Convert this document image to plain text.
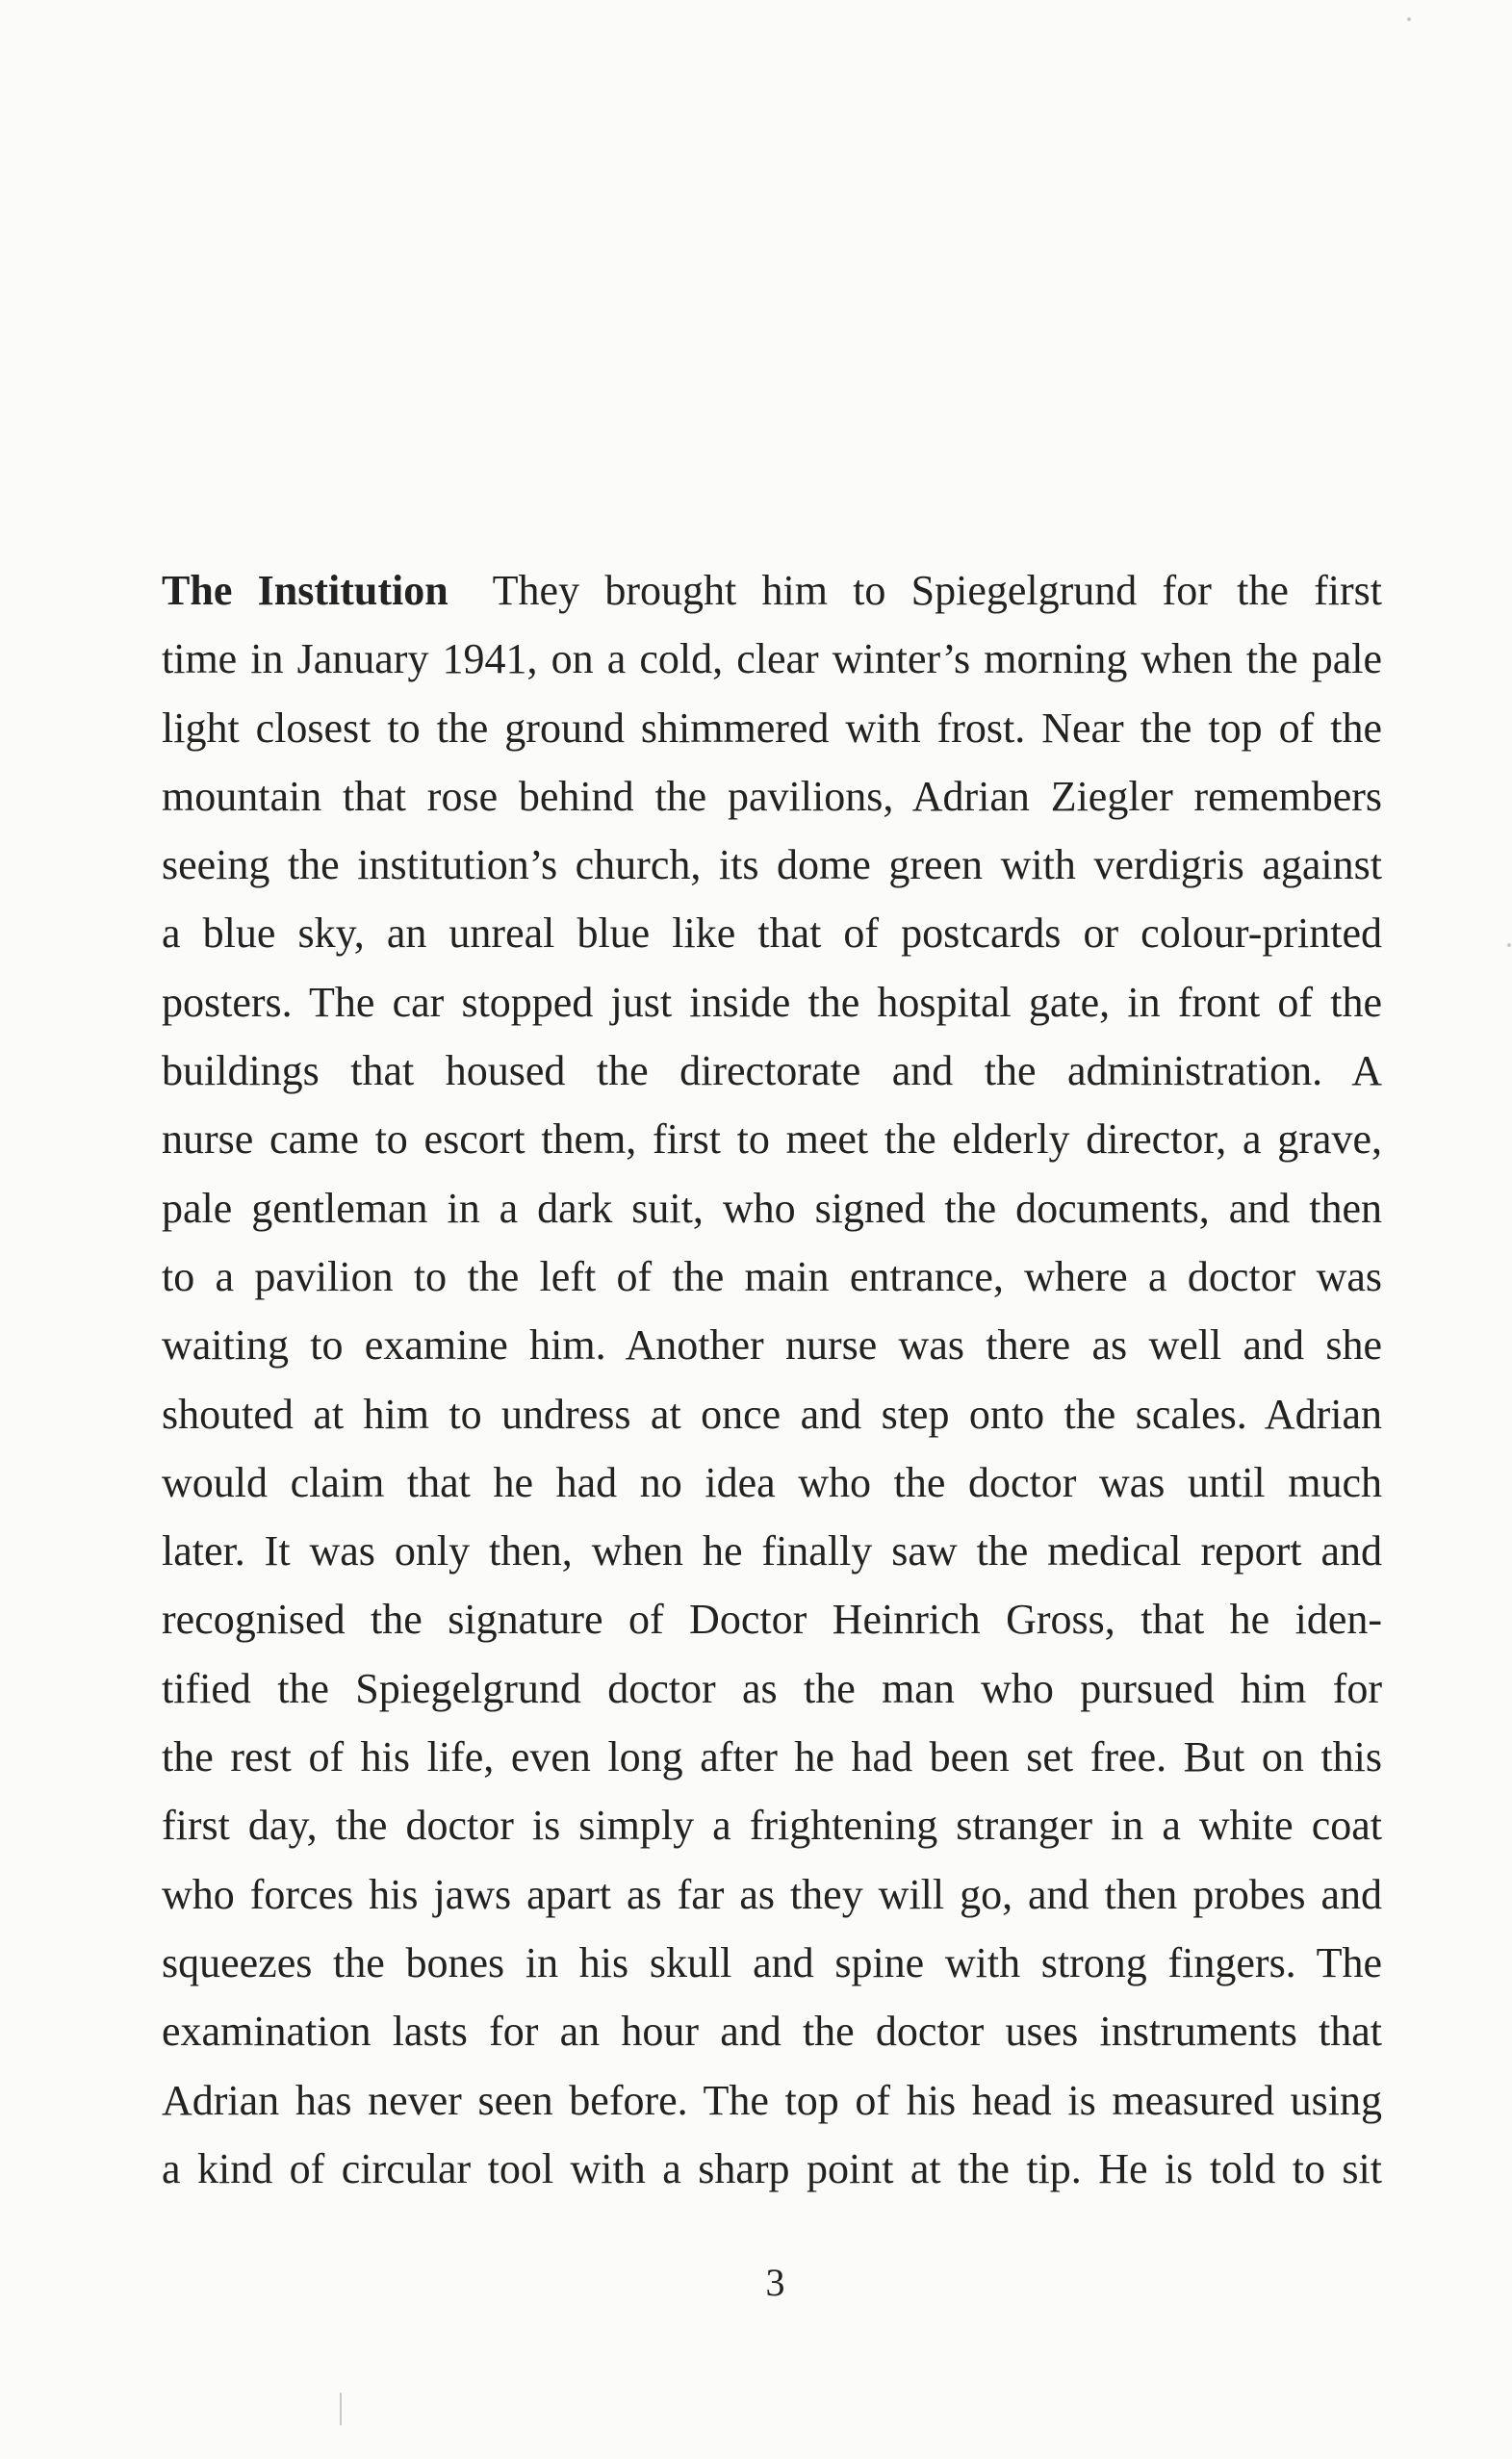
The Institution They brought him to Spiegelgrund for the first
time in January 1941, on a cold, clear winter’s morning when the pale
light closest to the ground shimmered with frost. Near the top of the
mountain that rose behind the pavilions, Adrian Ziegler remembers
seeing the institution’s church, its dome green with verdigris against
a blue sky, an unreal blue like that of postcards or colour-printed
posters. The car stopped just inside the hospital gate, in front of the
buildings that housed the directorate and the administration. A
nurse came to escort them, first to meet the elderly director, a grave,
pale gentleman in a dark suit, who signed the documents, and then
to a pavilion to the left of the main entrance, where a doctor was
waiting to examine him. Another nurse was there as well and she
shouted at him to undress at once and step onto the scales. Adrian
would claim that he had no idea who the doctor was until much
later. It was only then, when he finally saw the medical report and
recognised the signature of Doctor Heinrich Gross, that he iden-
tified the Spiegelgrund doctor as the man who pursued him for
the rest of his life, even long after he had been set free. But on this
first day, the doctor is simply a frightening stranger in a white coat
who forces his jaws apart as far as they will go, and then probes and
squeezes the bones in his skull and spine with strong fingers. The
examination lasts for an hour and the doctor uses instruments that
Adrian has never seen before. The top of his head is measured using
a kind of circular tool with a sharp point at the tip. He is told to sit
3
